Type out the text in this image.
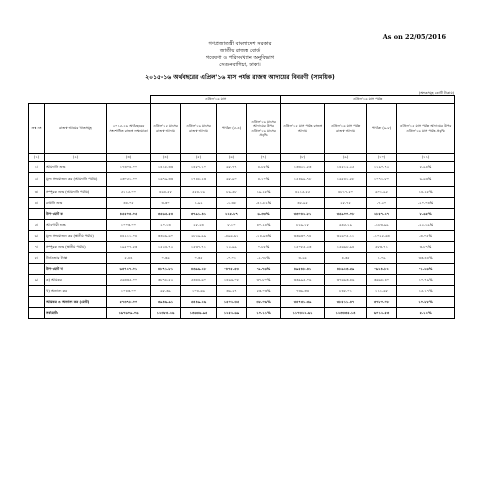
As on 22/05/2016
গণপ্রজাতন্ত্রী বাংলাদেশ সরকার
জাতীয় রাজস্ব বোর্ড
গবেষণা ও পরিসংখ্যান অনুবিভাগ
সেগুনবাগিচা, ঢাকা।
২০১৫-১৬ অর্থবছরের এপ্রিল'১৬ মাস পর্যন্ত রাজস্ব আদায়ের বিবরণী (সাময়িক)
(অংকসমূহ কোটি টাকায়)
			এপ্রিল'১৬ মাস				এপ্রিল'১৬ মাস পর্যন্ত			
ক্রঃ নং	রাজস্ব আয়ের খাতসমূহ	২০১৫-১৬ অর্থবছরের সংশোধিত রাজস্ব লক্ষ্যমাত্রা	এপ্রিল'১৫ মাসের রাজস্ব আদায়	এপ্রিল'১৬ মাসের রাজস্ব আদায়	পার্থক্য (৫-৪)	এপ্রিল'১৬ মাসের আদায়ের উপর এপ্রিল'১৬ মাসের প্রবৃদ্ধি	এপ্রিল'১৫ মাস পর্যন্ত রাজস্ব আদায়	এপ্রিল'১৬ মাস পর্যন্ত রাজস্ব আদায়	পার্থক্য (৯-৮)	এপ্রিল'১৫ মাস পর্যন্ত আদায়ের উপর এপ্রিল'১৬ মাস পর্যন্ত প্রবৃদ্ধি
(১)	(২)	(৩)	(৪)	(৫)	(৬)	(৭)	(৮)	(৯)	(১০)	(১১)
১।	আমদানি শুল্ক	১৭৩০৪.০০	১৪১৮.৩৩	১৪৮৭.১০	৬৮.৭৭	৪.৮৫%	১৩৩২১.৫৩	১৪৫১২.২৫	১১৯০.৭২	৮.৯৪%
২।	মূল্য সংযোজন কর (আমদানি পর্যায়)	২৩০৫১.০০	১৬৭৯.৩৩	১৭৪৮.২৩	৬৮.৯০	৪.১০%	১৫৪৬৯.৭৮	১৬৫৪১.৫৮	১০৭১.৮০	৬.৯৩%
৩।	সম্পূরক শুল্ক (আমদানি পর্যায়)	৫১১৫.০০	৪৬৪.৫৮	৫৫৪.১৬	৮৯.৫৮	১৯.২৮%	৪২১৫.৫৫	৪৮১৭.৫০	৬০১.৯৫	১৪.২৮%
৪।	রপ্তানি শুল্ক	৩৪.০৫	৩.৩০	১.৯২	-১.৩৮	-৪১.৮২%	৩৫.৯৫	২৮.৭৫	-৭.২০	-২০.০৩%
	উপ-মোট ক	৪৫৫০৪.০৫	৩৫৬৫.৫৪	৩৭৯১.৪১	২২৫.৮৭	৬.৩৩%	৩৩০৪২.৮১	৩৫৯০০.০৮	২৮৫৭.২৭	৮.৬৫%
৫।	আবগারী শুল্ক	১০০৩.০০	২০.১৩	২৮.২৩	৮.১০	৪০.২৪%	৮২৯.১৮	৬৪৫.১৯	-১৮৩.৯৯	-২২.১৯%
৬।	মূল্য সংযোজন কর (স্থানীয় পর্যায়)	৪৪২১১.০৪	৩৩২৬.৬০	২৮২৯.৯৯	-৪৯৬.৬১	-১৪.৯৩%	৩৩৬৩০.৭৪	৩২৬০৫.১১	-১০২৫.৬৩	-৩.০৫%
৭।	সম্পূরক শুল্ক (স্থানীয় পর্যায়)	১৯৫০৭.৫৩	১৫২৪.৭২	১৫৩৭.৭১	১২.৯৯	০.৮৫%	১৫০৮৫.২৩	১৫৬৬৮.৯৪	৫৮৩.৭১	৩.৮৭%
৮।	টার্নওভার ট্যাক্স	৫.৪৪	০.৩৬	০.৩৫	-০.০১	-২.৭৮%	৩.২৬	৪.৩৫	১.০৯	৩৩.৪৪%
	উপ-মোট খ	৬৪৭২৭.০১	৪৮৭১.৮১	৪৩৯৬.২৮	-৪৭৫.৫৩	-৯.৭৬%	৪৯৫৪৮.৪১	৪৮৯২৩.৫৯	-৬২৪.৮২	-১.২৬%
৯।	ক) আয়কর	৫৬৩৩৫.০০	৩৮৭৮.৫২	৫৩৪৪.৬০	১৪৬৬.০৮	৩৭.৮০%	৩৩৯৯৫.০৬	৩৭৬৬৩.৪৬	৩৬৬৮.৪০	১০.৭৯%
	খ) অন্যান্য কর	১০৪৩.০০	৬৮.৩৯	১০৪.৬৬	৩৬.২৭	৫৩.০৩%	৭৩৬.৩৩	৮৪৮.০১	১১১.৬৮	১৫.১৭%
	আয়কর ও অন্যান্য কর (মোট)	৫৭৩৭৮.০০	৩৯৪৬.৯১	৫৪৪৯.২৬	১৫০২.৩৫	৩৮.০৬%	৩৪৭৩১.৩৯	৩৮৫১১.৪৭	৩৭৮০.০৮	১০.৮৮%
	সর্বমোট:	১৬৭৬০৯.০৬	১২৩৮৪.২৬	১৩৬৩৬.৯৫	১২৫২.৬৯	১০.১১%	১১৭৩২২.৬১	১২৩৩৩৫.১৪	৬০১২.৫৩	৫.১২%
